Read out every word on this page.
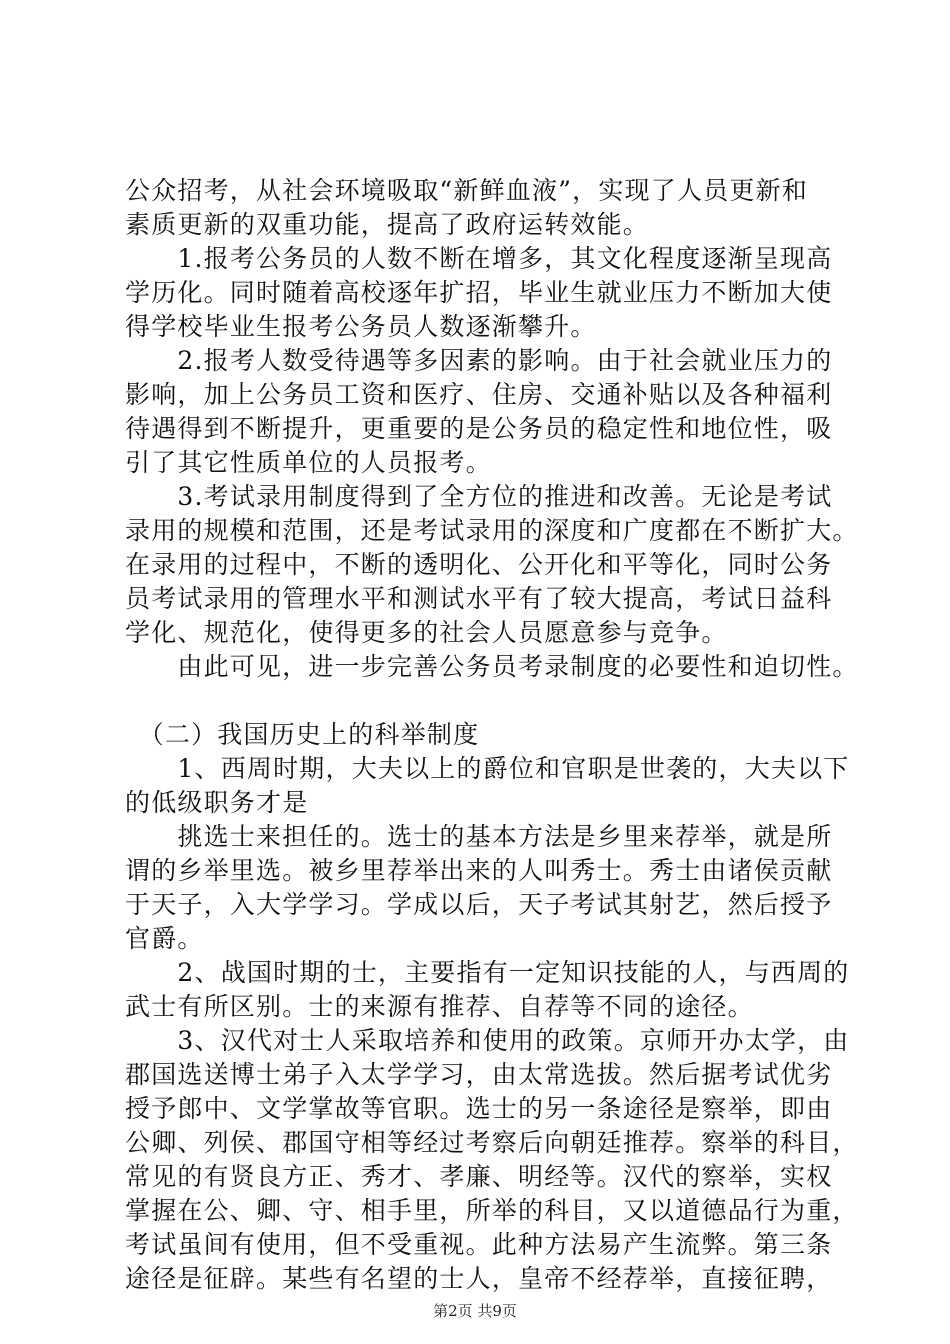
公众招考，从社会环境吸取“新鲜血液”，实现了人员更新和
素质更新的双重功能，提高了政府运转效能。
　　1.报考公务员的人数不断在增多，其文化程度逐渐呈现高
学历化。同时随着高校逐年扩招，毕业生就业压力不断加大使
得学校毕业生报考公务员人数逐渐攀升。
　　2.报考人数受待遇等多因素的影响。由于社会就业压力的
影响，加上公务员工资和医疗、住房、交通补贴以及各种福利
待遇得到不断提升，更重要的是公务员的稳定性和地位性，吸
引了其它性质单位的人员报考。
　　3.考试录用制度得到了全方位的推进和改善。无论是考试
录用的规模和范围，还是考试录用的深度和广度都在不断扩大。
在录用的过程中，不断的透明化、公开化和平等化，同时公务
员考试录用的管理水平和测试水平有了较大提高，考试日益科
学化、规范化，使得更多的社会人员愿意参与竞争。
　　由此可见，进一步完善公务员考录制度的必要性和迫切性。
　（二）我国历史上的科举制度
　　1、西周时期，大夫以上的爵位和官职是世袭的，大夫以下
的低级职务才是
　　挑选士来担任的。选士的基本方法是乡里来荐举，就是所
谓的乡举里选。被乡里荐举出来的人叫秀士。秀士由诸侯贡献
于天子，入大学学习。学成以后，天子考试其射艺，然后授予
官爵。
　　2、战国时期的士，主要指有一定知识技能的人，与西周的
武士有所区别。士的来源有推荐、自荐等不同的途径。
　　3、汉代对士人采取培养和使用的政策。京师开办太学，由
郡国选送博士弟子入太学学习，由太常选拔。然后据考试优劣
授予郎中、文学掌故等官职。选士的另一条途径是察举，即由
公卿、列侯、郡国守相等经过考察后向朝廷推荐。察举的科目，
常见的有贤良方正、秀才、孝廉、明经等。汉代的察举，实权
掌握在公、卿、守、相手里，所举的科目，又以道德品行为重，
考试虽间有使用，但不受重视。此种方法易产生流弊。第三条
途径是征辟。某些有名望的士人，皇帝不经荐举，直接征聘，
第2页 共9页
